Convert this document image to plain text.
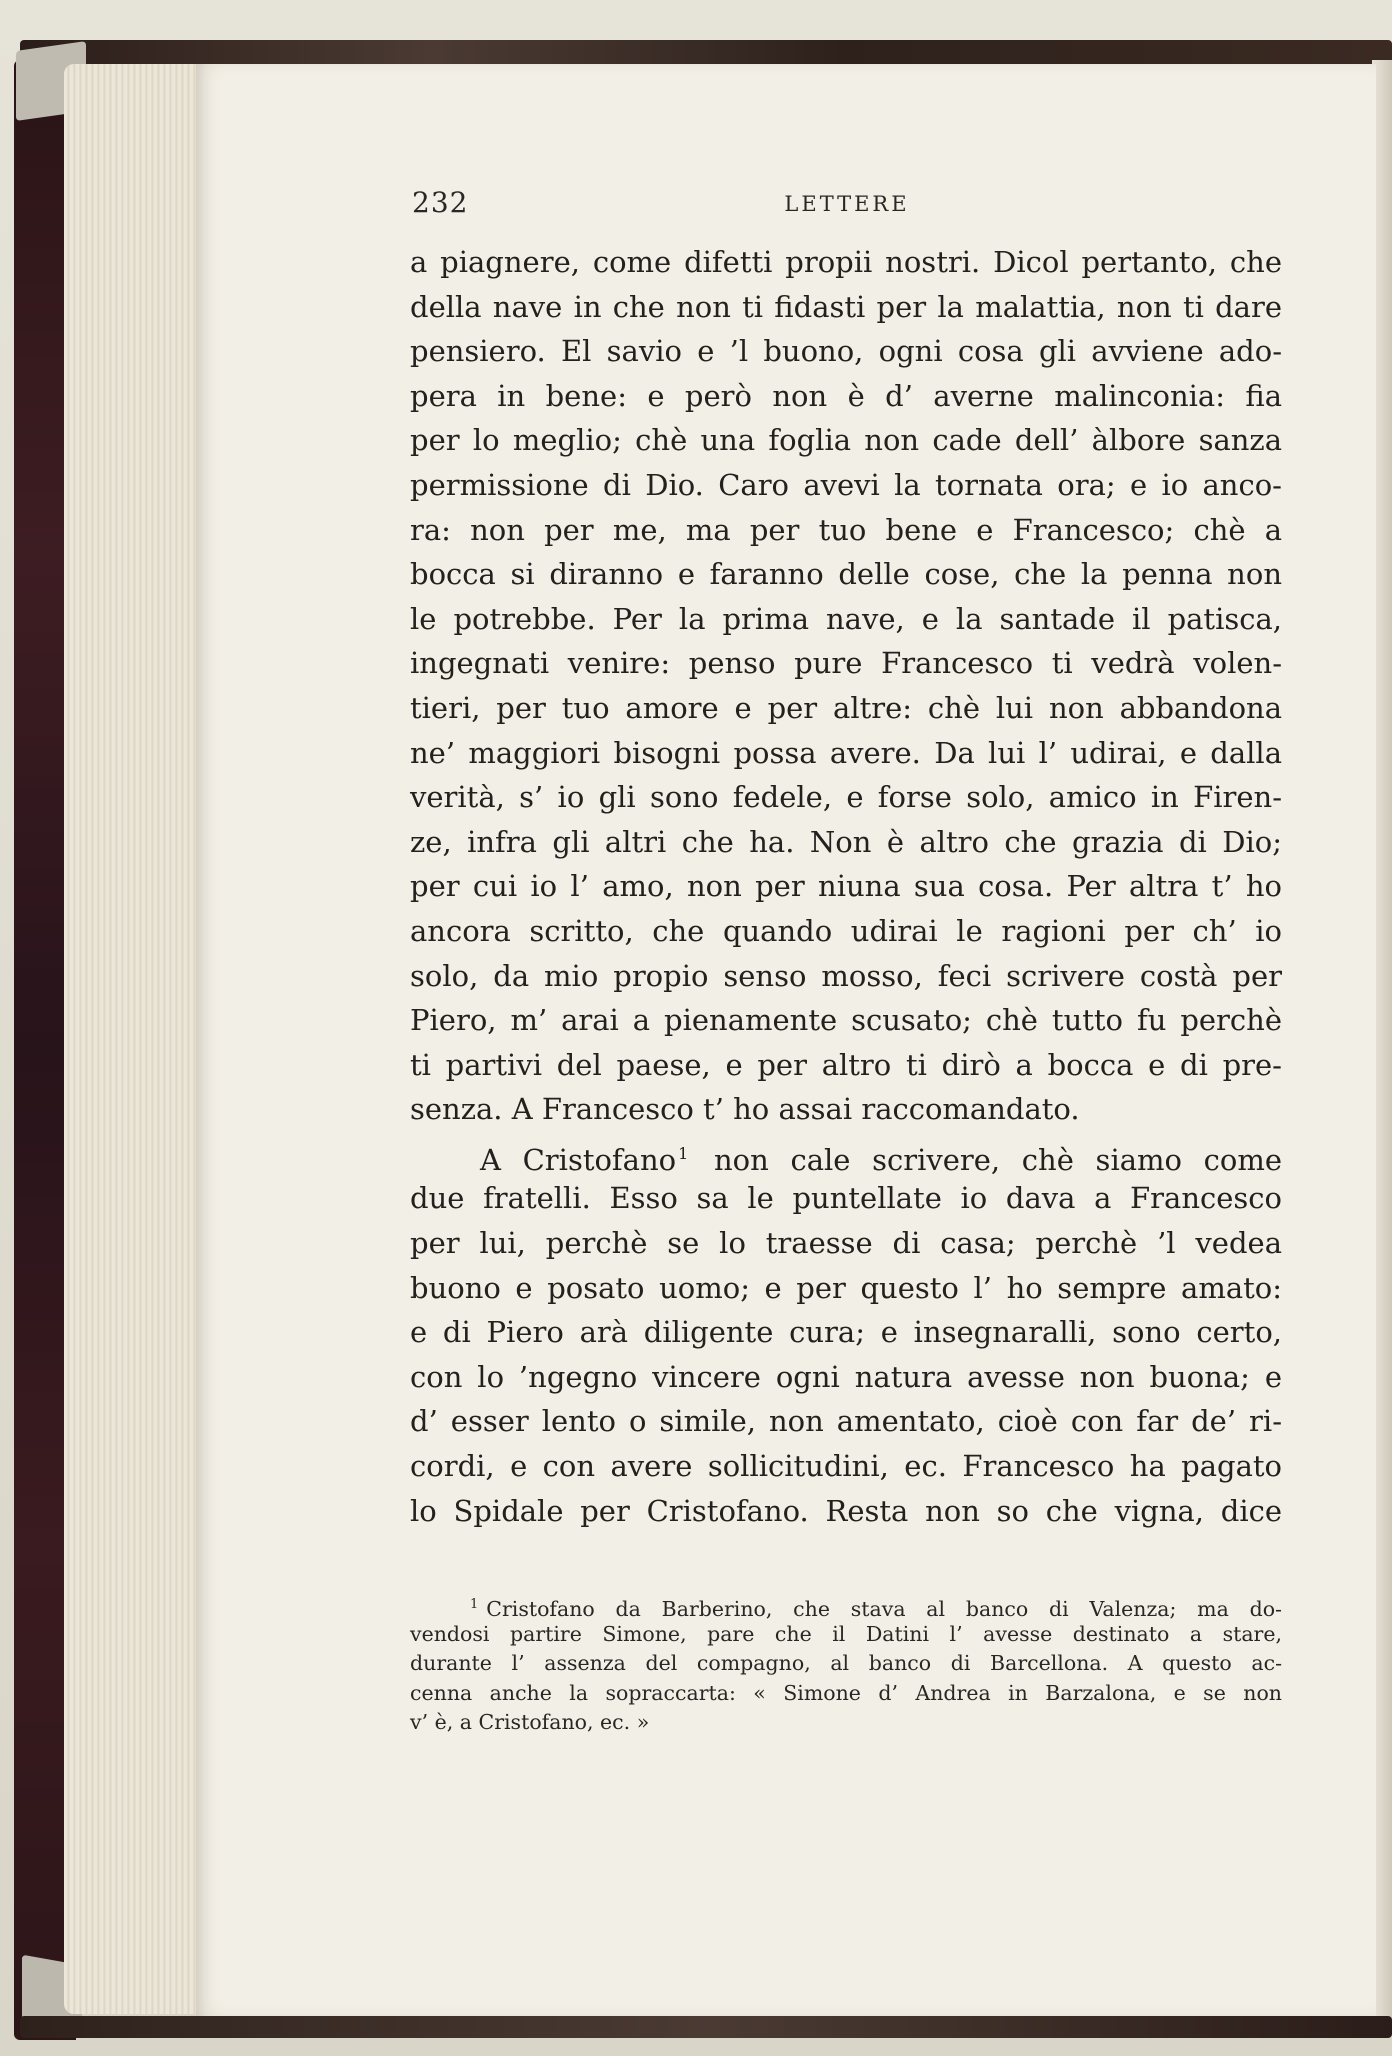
232	LETTERE
a piagnere, come difetti propii nostri. Dicol pertanto, che
della nave in che non ti fidasti per la malattia, non ti dare
pensiero. El savio e ’l buono, ogni cosa gli avviene ado-
pera in bene: e però non è d’ averne malinconia: fia
per lo meglio; chè una foglia non cade dell’ àlbore sanza
permissione di Dio. Caro avevi la tornata ora; e io anco-
ra: non per me, ma per tuo bene e Francesco; chè a
bocca si diranno e faranno delle cose, che la penna non
le potrebbe. Per la prima nave, e la santade il patisca,
ingegnati venire: penso pure Francesco ti vedrà volen-
tieri, per tuo amore e per altre: chè lui non abbandona
ne’ maggiori bisogni possa avere. Da lui l’ udirai, e dalla
verità, s’ io gli sono fedele, e forse solo, amico in Firen-
ze, infra gli altri che ha. Non è altro che grazia di Dio;
per cui io l’ amo, non per niuna sua cosa. Per altra t’ ho
ancora scritto, che quando udirai le ragioni per ch’ io
solo, da mio propio senso mosso, feci scrivere costà per
Piero, m’ arai a pienamente scusato; chè tutto fu perchè
ti partivi del paese, e per altro ti dirò a bocca e di pre-
senza. A Francesco t’ ho assai raccomandato.
A Cristofano $^1$ non cale scrivere, chè siamo come
due fratelli. Esso sa le puntellate io dava a Francesco
per lui, perchè se lo traesse di casa; perchè ’l vedea
buono e posato uomo; e per questo l’ ho sempre amato:
e di Piero arà diligente cura; e insegnaralli, sono certo,
con lo ’ngegno vincere ogni natura avesse non buona; e
d’ esser lento o simile, non amentato, cioè con far de’ ri-
cordi, e con avere sollicitudini, ec. Francesco ha pagato
lo Spidale per Cristofano. Resta non so che vigna, dice
$^1$ Cristofano da Barberino, che stava al banco di Valenza; ma do-
vendosi partire Simone, pare che il Datini l’ avesse destinato a stare,
durante l’ assenza del compagno, al banco di Barcellona. A questo ac-
cenna anche la sopraccarta: « Simone d’ Andrea in Barzalona, e se non
v’ è, a Cristofano, ec. »
